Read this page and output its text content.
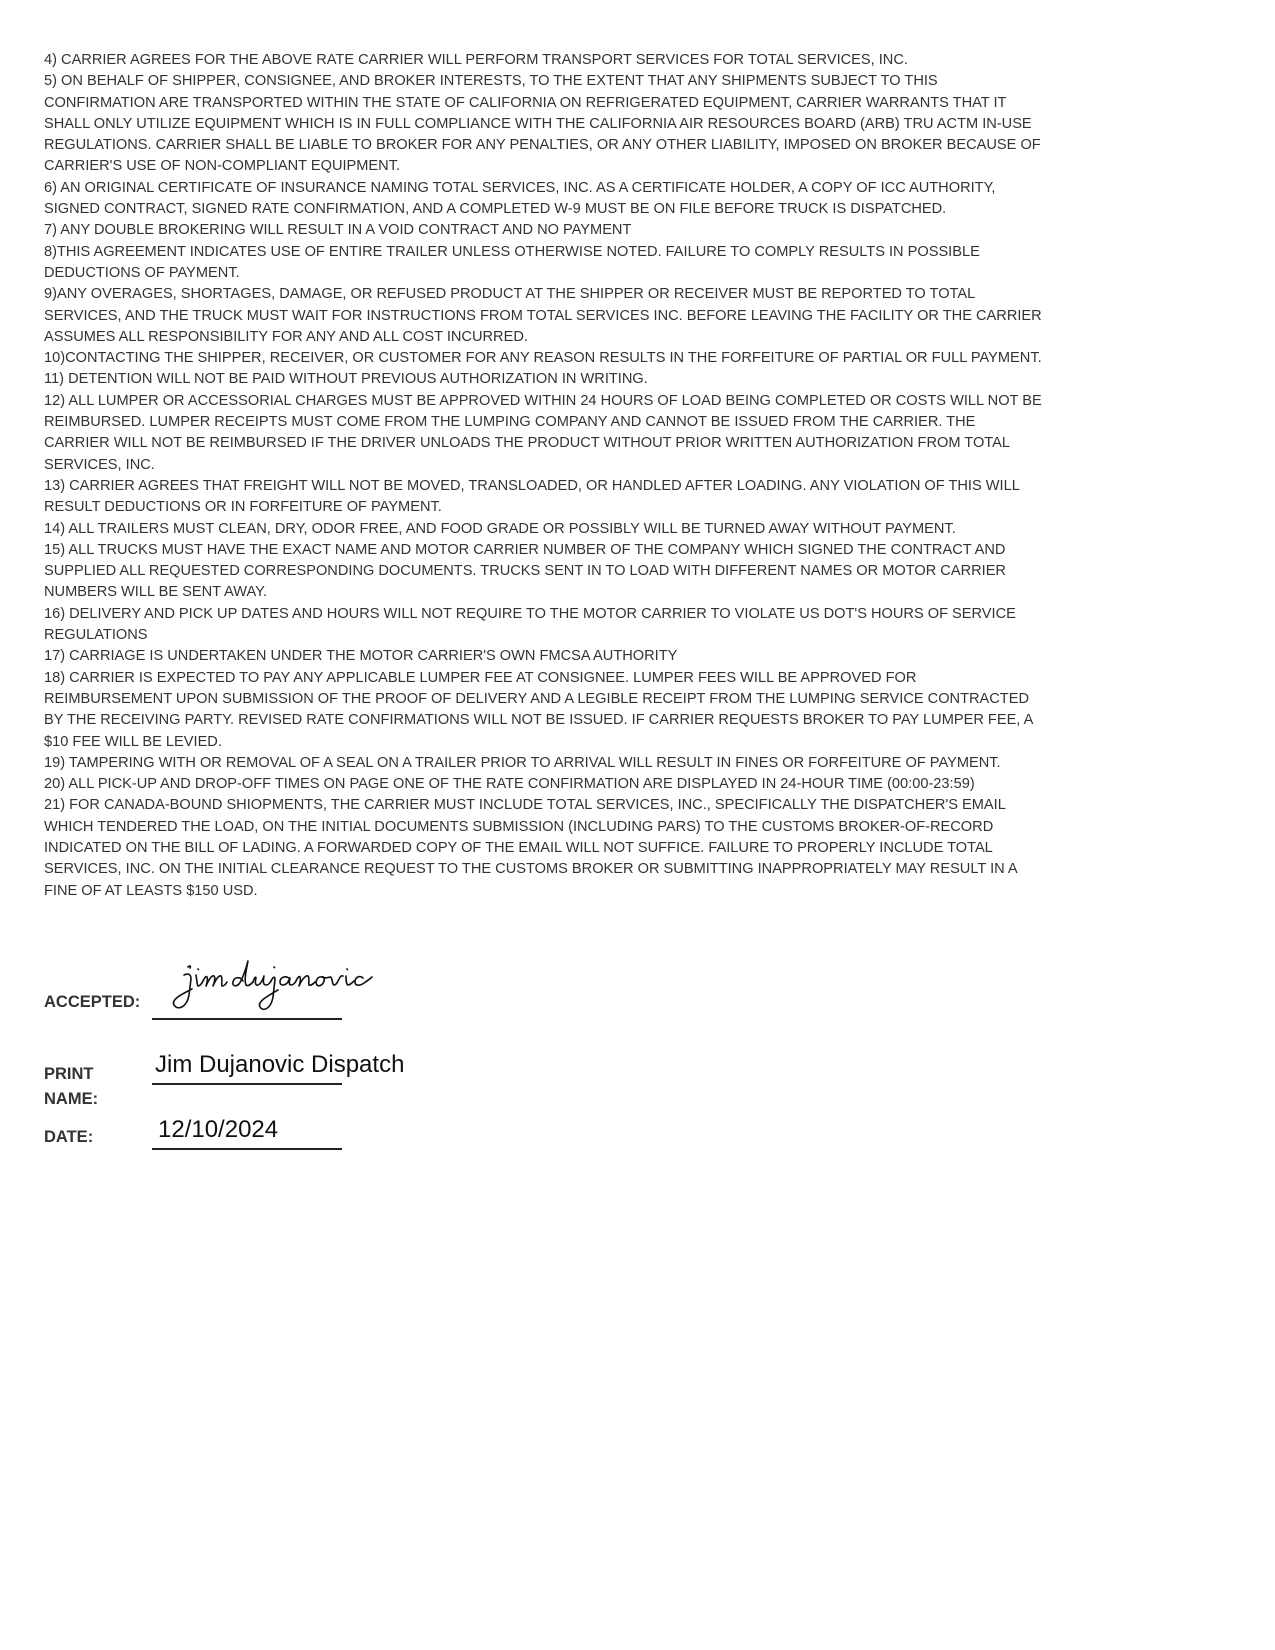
4) CARRIER AGREES FOR THE ABOVE RATE CARRIER WILL PERFORM TRANSPORT SERVICES FOR TOTAL SERVICES, INC.

5) ON BEHALF OF SHIPPER, CONSIGNEE, AND BROKER INTERESTS, TO THE EXTENT THAT ANY SHIPMENTS SUBJECT TO THIS CONFIRMATION ARE TRANSPORTED WITHIN THE STATE OF CALIFORNIA ON REFRIGERATED EQUIPMENT, CARRIER WARRANTS THAT IT SHALL ONLY UTILIZE EQUIPMENT WHICH IS IN FULL COMPLIANCE WITH THE CALIFORNIA AIR RESOURCES BOARD (ARB) TRU ACTM IN-USE REGULATIONS. CARRIER SHALL BE LIABLE TO BROKER FOR ANY PENALTIES, OR ANY OTHER LIABILITY, IMPOSED ON BROKER BECAUSE OF CARRIER'S USE OF NON-COMPLIANT EQUIPMENT.

6) AN ORIGINAL CERTIFICATE OF INSURANCE NAMING TOTAL SERVICES, INC. AS A CERTIFICATE HOLDER, A COPY OF ICC AUTHORITY, SIGNED CONTRACT, SIGNED RATE CONFIRMATION, AND A COMPLETED W-9 MUST BE ON FILE BEFORE TRUCK IS DISPATCHED.

7) ANY DOUBLE BROKERING WILL RESULT IN A VOID CONTRACT AND NO PAYMENT

8)THIS AGREEMENT INDICATES USE OF ENTIRE TRAILER UNLESS OTHERWISE NOTED. FAILURE TO COMPLY RESULTS IN POSSIBLE DEDUCTIONS OF PAYMENT.

9)ANY OVERAGES, SHORTAGES, DAMAGE, OR REFUSED PRODUCT AT THE SHIPPER OR RECEIVER MUST BE REPORTED TO TOTAL SERVICES, AND THE TRUCK MUST WAIT FOR INSTRUCTIONS FROM TOTAL SERVICES INC. BEFORE LEAVING THE FACILITY OR THE CARRIER ASSUMES ALL RESPONSIBILITY FOR ANY AND ALL COST INCURRED.

10)CONTACTING THE SHIPPER, RECEIVER, OR CUSTOMER FOR ANY REASON RESULTS IN THE FORFEITURE OF PARTIAL OR FULL PAYMENT.

11) DETENTION WILL NOT BE PAID WITHOUT PREVIOUS AUTHORIZATION IN WRITING.

12) ALL LUMPER OR ACCESSORIAL CHARGES MUST BE APPROVED WITHIN 24 HOURS OF LOAD BEING COMPLETED OR COSTS WILL NOT BE REIMBURSED. LUMPER RECEIPTS MUST COME FROM THE LUMPING COMPANY AND CANNOT BE ISSUED FROM THE CARRIER. THE CARRIER WILL NOT BE REIMBURSED IF THE DRIVER UNLOADS THE PRODUCT WITHOUT PRIOR WRITTEN AUTHORIZATION FROM TOTAL SERVICES, INC.

13) CARRIER AGREES THAT FREIGHT WILL NOT BE MOVED, TRANSLOADED, OR HANDLED AFTER LOADING. ANY VIOLATION OF THIS WILL RESULT DEDUCTIONS OR IN FORFEITURE OF PAYMENT.

14) ALL TRAILERS MUST CLEAN, DRY, ODOR FREE, AND FOOD GRADE OR POSSIBLY WILL BE TURNED AWAY WITHOUT PAYMENT.

15) ALL TRUCKS MUST HAVE THE EXACT NAME AND MOTOR CARRIER NUMBER OF THE COMPANY WHICH SIGNED THE CONTRACT AND SUPPLIED ALL REQUESTED CORRESPONDING DOCUMENTS. TRUCKS SENT IN TO LOAD WITH DIFFERENT NAMES OR MOTOR CARRIER NUMBERS WILL BE SENT AWAY.

16) DELIVERY AND PICK UP DATES AND HOURS WILL NOT REQUIRE TO THE MOTOR CARRIER TO VIOLATE US DOT'S HOURS OF SERVICE REGULATIONS

17) CARRIAGE IS UNDERTAKEN UNDER THE MOTOR CARRIER'S OWN FMCSA AUTHORITY

18) CARRIER IS EXPECTED TO PAY ANY APPLICABLE LUMPER FEE AT CONSIGNEE. LUMPER FEES WILL BE APPROVED FOR REIMBURSEMENT UPON SUBMISSION OF THE PROOF OF DELIVERY AND A LEGIBLE RECEIPT FROM THE LUMPING SERVICE CONTRACTED BY THE RECEIVING PARTY. REVISED RATE CONFIRMATIONS WILL NOT BE ISSUED. IF CARRIER REQUESTS BROKER TO PAY LUMPER FEE, A $10 FEE WILL BE LEVIED.

19) TAMPERING WITH OR REMOVAL OF A SEAL ON A TRAILER PRIOR TO ARRIVAL WILL RESULT IN FINES OR FORFEITURE OF PAYMENT.

20) ALL PICK-UP AND DROP-OFF TIMES ON PAGE ONE OF THE RATE CONFIRMATION ARE DISPLAYED IN 24-HOUR TIME (00:00-23:59)

21) FOR CANADA-BOUND SHIOPMENTS, THE CARRIER MUST INCLUDE TOTAL SERVICES, INC., SPECIFICALLY THE DISPATCHER'S EMAIL WHICH TENDERED THE LOAD, ON THE INITIAL DOCUMENTS SUBMISSION (INCLUDING PARS) TO THE CUSTOMS BROKER-OF-RECORD INDICATED ON THE BILL OF LADING. A FORWARDED COPY OF THE EMAIL WILL NOT SUFFICE. FAILURE TO PROPERLY INCLUDE TOTAL SERVICES, INC. ON THE INITIAL CLEARANCE REQUEST TO THE CUSTOMS BROKER OR SUBMITTING INAPPROPRIATELY MAY RESULT IN A FINE OF AT LEASTS $150 USD.

ACCEPTED:
PRINT
NAME:
Jim Dujanovic Dispatch
DATE:	12/10/2024
